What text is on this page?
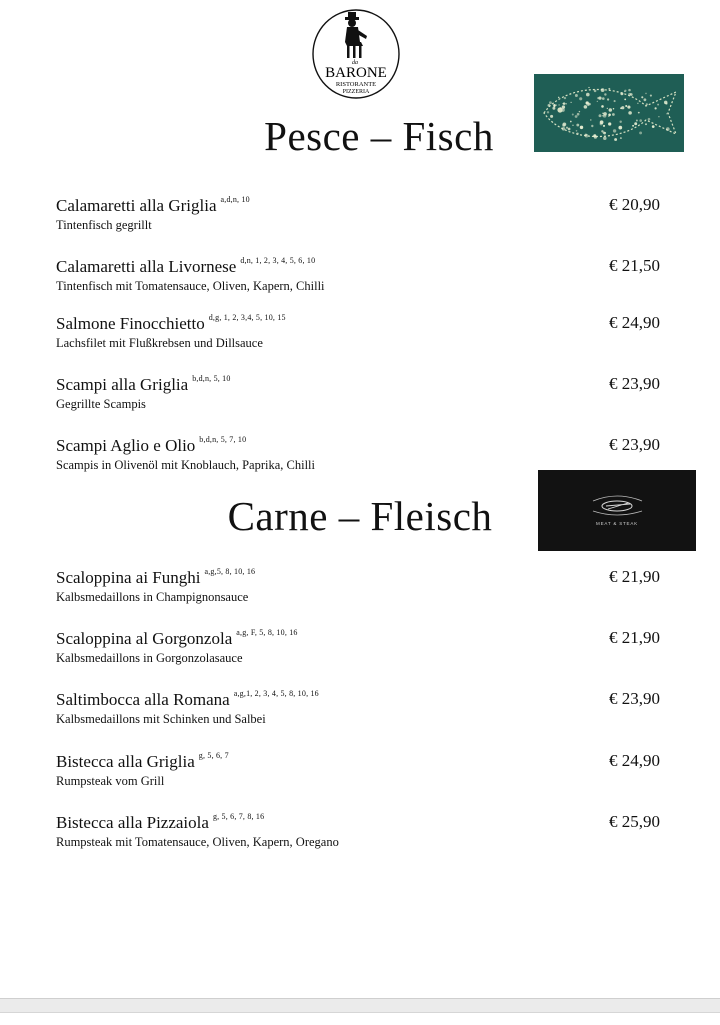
da
BARONE
RISTORANTE
PIZZERIA
Pesce – Fisch
Calamaretti alla Griglia $^{a,d,n, 10}$
Tintenfisch gegrillt
€ 20,90
Calamaretti alla Livornese $^{d,n, 1, 2, 3, 4, 5, 6, 10}$
Tintenfisch mit Tomatensauce, Oliven, Kapern, Chilli
€ 21,50
Salmone Finocchietto $^{d,g, 1, 2, 3,4, 5, 10, 15}$
Lachsfilet mit Flußkrebsen und Dillsauce
€ 24,90
Scampi alla Griglia $^{b,d,n, 5, 10}$
Gegrillte Scampis
€ 23,90
Scampi Aglio e Olio $^{b,d,n, 5, 7, 10}$
Scampis in Olivenöl mit Knoblauch, Paprika, Chilli
€ 23,90
MEAT & STEAK
Carne – Fleisch
Scaloppina ai Funghi $^{a,g,5, 8, 10, 16}$
Kalbsmedaillons in Champignonsauce
€ 21,90
Scaloppina al Gorgonzola $^{a,g, F, 5, 8, 10, 16}$
Kalbsmedaillons in Gorgonzolasauce
€ 21,90
Saltimbocca alla Romana $^{a,g,1, 2, 3, 4, 5, 8, 10, 16}$
Kalbsmedaillons mit Schinken und Salbei
€ 23,90
Bistecca alla Griglia $^{g, 5, 6, 7}$
Rumpsteak vom Grill
€ 24,90
Bistecca alla Pizzaiola $^{g, 5, 6, 7, 8, 16}$
Rumpsteak mit Tomatensauce, Oliven, Kapern, Oregano
€ 25,90
